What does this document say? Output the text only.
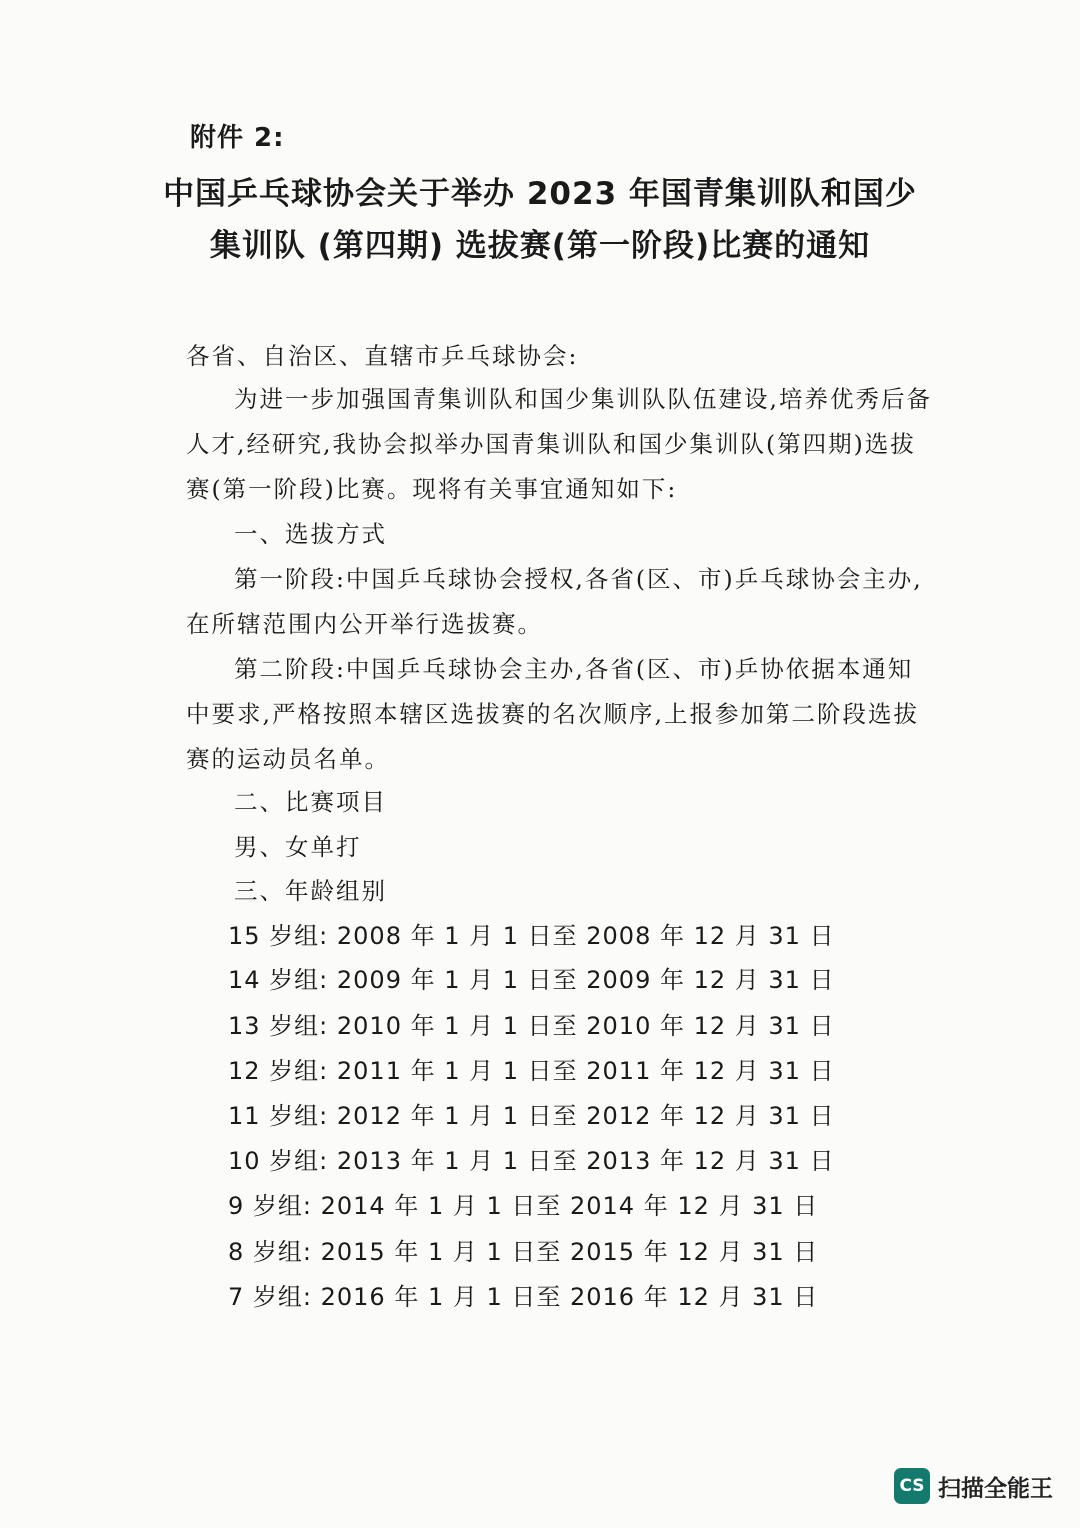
附件 2:
中国乒乓球协会关于举办 2023 年国青集训队和国少
集训队 (第四期) 选拔赛(第一阶段)比赛的通知
各省、自治区、直辖市乒乓球协会:
为进一步加强国青集训队和国少集训队队伍建设,培养优秀后备
人才,经研究,我协会拟举办国青集训队和国少集训队(第四期)选拔
赛(第一阶段)比赛。现将有关事宜通知如下:
一、选拔方式
第一阶段:中国乒乓球协会授权,各省(区、市)乒乓球协会主办,
在所辖范围内公开举行选拔赛。
第二阶段:中国乒乓球协会主办,各省(区、市)乒协依据本通知
中要求,严格按照本辖区选拔赛的名次顺序,上报参加第二阶段选拔
赛的运动员名单。
二、比赛项目
男、女单打
三、年龄组别
15 岁组: 2008 年 1 月 1 日至 2008 年 12 月 31 日
14 岁组: 2009 年 1 月 1 日至 2009 年 12 月 31 日
13 岁组: 2010 年 1 月 1 日至 2010 年 12 月 31 日
12 岁组: 2011 年 1 月 1 日至 2011 年 12 月 31 日
11 岁组: 2012 年 1 月 1 日至 2012 年 12 月 31 日
10 岁组: 2013 年 1 月 1 日至 2013 年 12 月 31 日
9 岁组: 2014 年 1 月 1 日至 2014 年 12 月 31 日
8 岁组: 2015 年 1 月 1 日至 2015 年 12 月 31 日
7 岁组: 2016 年 1 月 1 日至 2016 年 12 月 31 日
CS 扫描全能王
